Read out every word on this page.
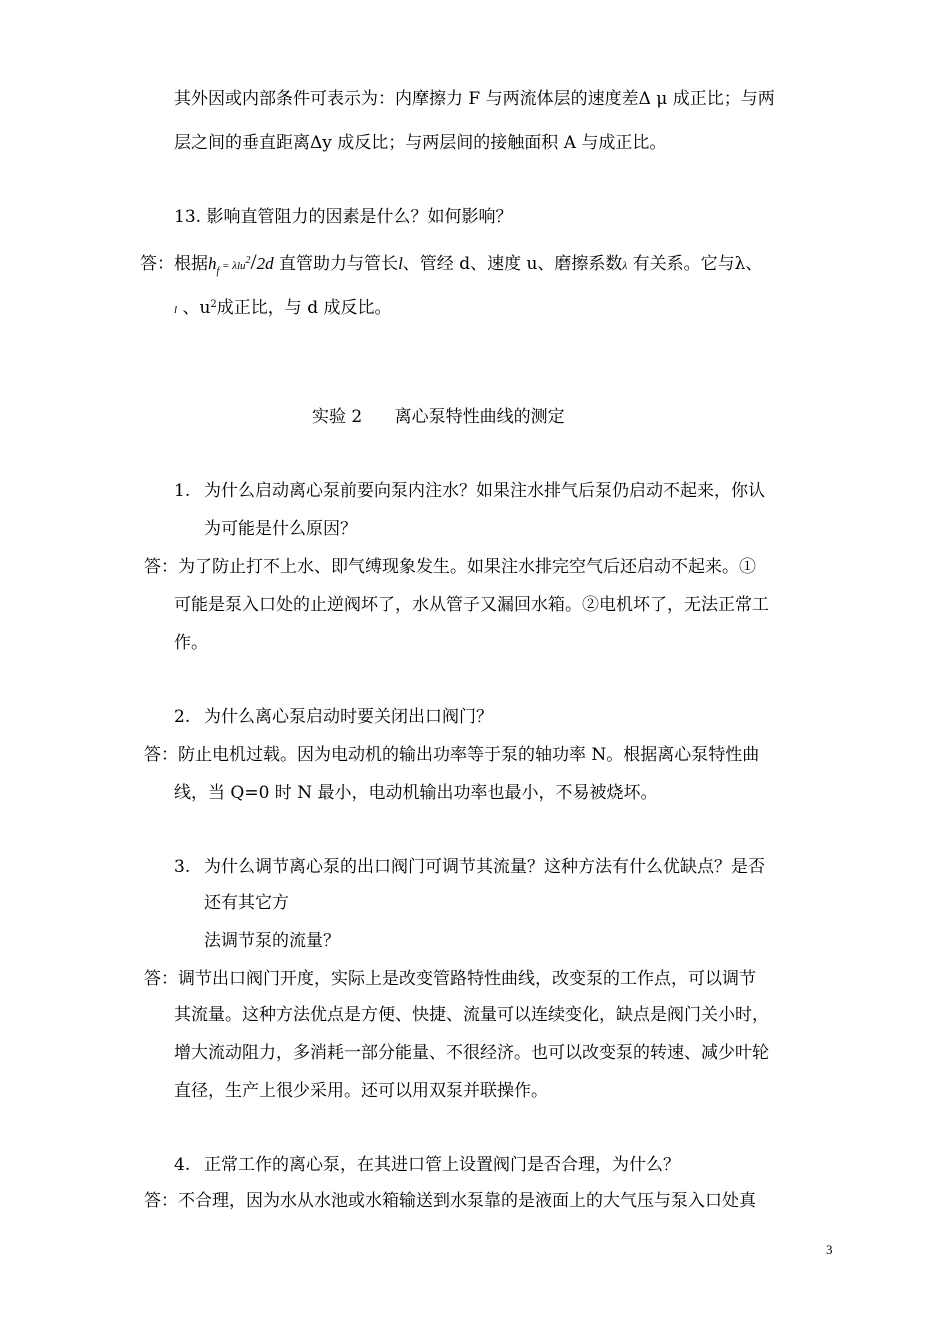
其外因或内部条件可表示为：内摩擦力 F 与两流体层的速度差Δ μ 成正比；与两
层之间的垂直距离Δy 成反比；与两层间的接触面积 A 与成正比。
13. 影响直管阻力的因素是什么？如何影响？
答：根据$h_f = \lambda lu^2/2d$ 直管助力与管长l、管经 d、速度 u、磨擦系数λ 有关系。它与λ、
l 、$u^2$成正比，与 d 成反比。
实验 2      离心泵特性曲线的测定
1. 为什么启动离心泵前要向泵内注水？如果注水排气后泵仍启动不起来，你认
为可能是什么原因？
答：为了防止打不上水、即气缚现象发生。如果注水排完空气后还启动不起来。①
可能是泵入口处的止逆阀坏了，水从管子又漏回水箱。②电机坏了，无法正常工
作。
2. 为什么离心泵启动时要关闭出口阀门？
答：防止电机过载。因为电动机的输出功率等于泵的轴功率 N。根据离心泵特性曲
线，当 Q=0 时 N 最小，电动机输出功率也最小，不易被烧坏。
3. 为什么调节离心泵的出口阀门可调节其流量？这种方法有什么优缺点？是否
还有其它方
法调节泵的流量？
答：调节出口阀门开度，实际上是改变管路特性曲线，改变泵的工作点，可以调节
其流量。这种方法优点是方便、快捷、流量可以连续变化，缺点是阀门关小时，
增大流动阻力，多消耗一部分能量、不很经济。也可以改变泵的转速、减少叶轮
直径，生产上很少采用。还可以用双泵并联操作。
4. 正常工作的离心泵，在其进口管上设置阀门是否合理，为什么？
答：不合理，因为水从水池或水箱输送到水泵靠的是液面上的大气压与泵入口处真
3
